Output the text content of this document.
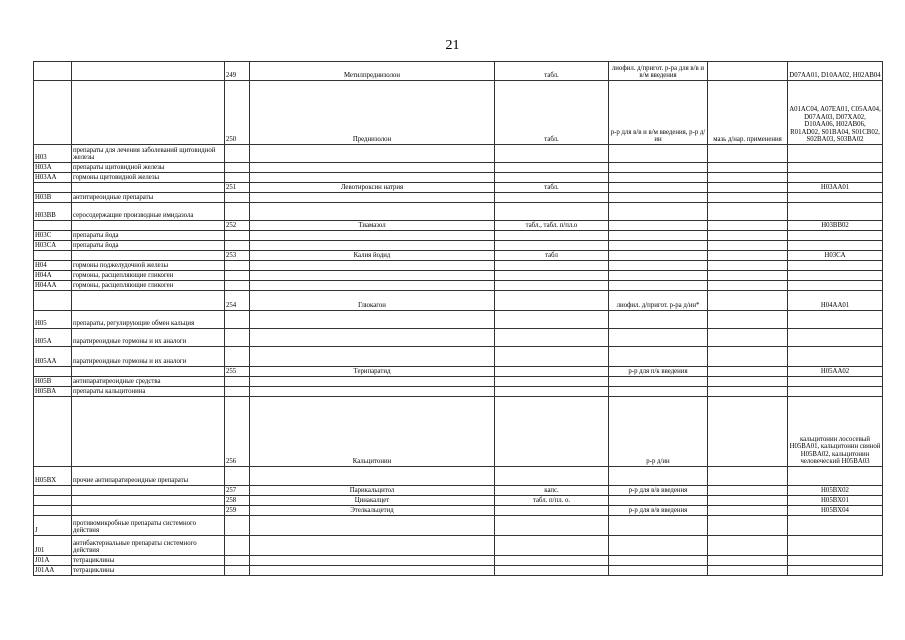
21
		249	Метилпреднизолон	табл.	лиофил. д/пригот. р-ра для в/в и в/м введения		D07AA01, D10AA02, H02AB04
		250	Преднизолон	табл.	р-р для в/в и в/м введения, р-р д/ин	мазь д/нар. применения	A01AC04, A07EA01, C05AA04, D07AA03, D07XA02, D10AA06, H02AB06, R01AD02, S01BA04, S01CB02, S02BA03, S03BA02
H03	препараты для лечения заболеваний щитовидной железы						
H03A	препараты щитовидной железы						
H03AA	гормоны щитовидной железы						
		251	Левотироксин натрия	табл.			H03AA01
H03B	антитиреоидные препараты						
H03BB	серосодержащие производные имидазола						
		252	Тиамазол	табл., табл. п/пл.о			H03BB02
H03C	препараты йода						
H03CA	препараты йода						
		253	Калия йодид	табл			H03CA
H04	гормоны поджелудочной железы						
H04A	гормоны, расщепляющие гликоген						
H04AA	гормоны, расщепляющие гликоген						
		254	Глюкагон		лиофил. д/пригот. р-ра д/ин*		H04AA01
H05	препараты, регулирующие обмен кальция						
H05A	паратиреоидные гормоны и их аналоги						
H05AA	паратиреоидные гормоны и их аналоги						
		255	Терипаратид		р-р для п/к введения		H05AA02
H05B	антипаратиреоидные средства						
H05BA	препараты кальцитонина						
		256	Кальцитонин		р-р д/ин		кальцитонин лососевый H05BA01, кальцитонин свиной H05BA02, кальцитонин человеческий H05BA03
H05BX	прочие антипаратиреоидные препараты						
		257	Парикальцитол	капс.	р-р для в/в введения		H05BX02
		258	Цинакалцет	табл. п/пл. о.			H05BX01
		259	Этелкальцетид		р-р для в/в введения		H05BX04
J	противомикробные препараты системного действия						
J01	антибактериальные препараты системного действия						
J01A	тетрациклины						
J01AA	тетрациклины						
